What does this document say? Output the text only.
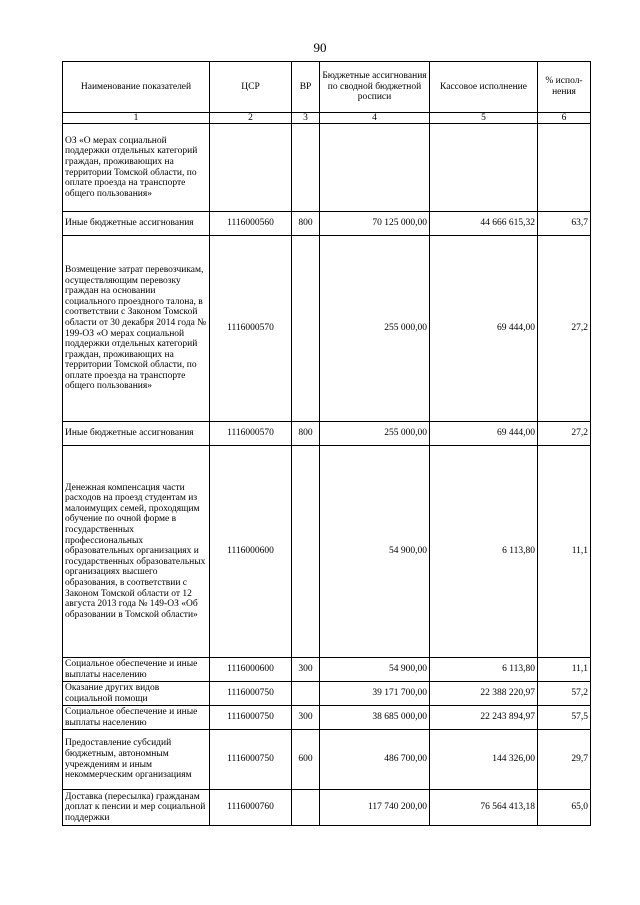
90
Наименование показателей	ЦСР	ВР	Бюджетные ассигнования по сводной бюджетной росписи	Кассовое исполнение	% испол-нения
1	2	3	4	5	6
ОЗ «О мерах социальной поддержки отдельных категорий граждан, проживающих на территории Томской области, по оплате проезда на транспорте общего пользования»					
Иные бюджетные ассигнования	1116000560	800	70 125 000,00	44 666 615,32	63,7
Возмещение затрат перевозчикам, осуществляющим перевозку граждан на основании социального проездного талона, в соответствии с Законом Томской области от 30 декабря 2014 года № 199-ОЗ «О мерах социальной поддержки отдельных категорий граждан, проживающих на территории Томской области, по оплате проезда на транспорте общего пользования»	1116000570		255 000,00	69 444,00	27,2
Иные бюджетные ассигнования	1116000570	800	255 000,00	69 444,00	27,2
Денежная компенсация части расходов на проезд студентам из малоимущих семей, проходящим обучение по очной форме в государственных профессиональных образовательных организациях и государственных образовательных организациях высшего образования, в соответствии с Законом Томской области от 12 августа 2013 года № 149-ОЗ «Об образовании в Томской области»	1116000600		54 900,00	6 113,80	11,1
Социальное обеспечение и иные выплаты населению	1116000600	300	54 900,00	6 113,80	11,1
Оказание других видов социальной помощи	1116000750		39 171 700,00	22 388 220,97	57,2
Социальное обеспечение и иные выплаты населению	1116000750	300	38 685 000,00	22 243 894,97	57,5
Предоставление субсидий бюджетным, автономным учреждениям и иным некоммерческим организациям	1116000750	600	486 700,00	144 326,00	29,7
Доставка (пересылка) гражданам доплат к пенсии и мер социальной поддержки	1116000760		117 740 200,00	76 564 413,18	65,0
